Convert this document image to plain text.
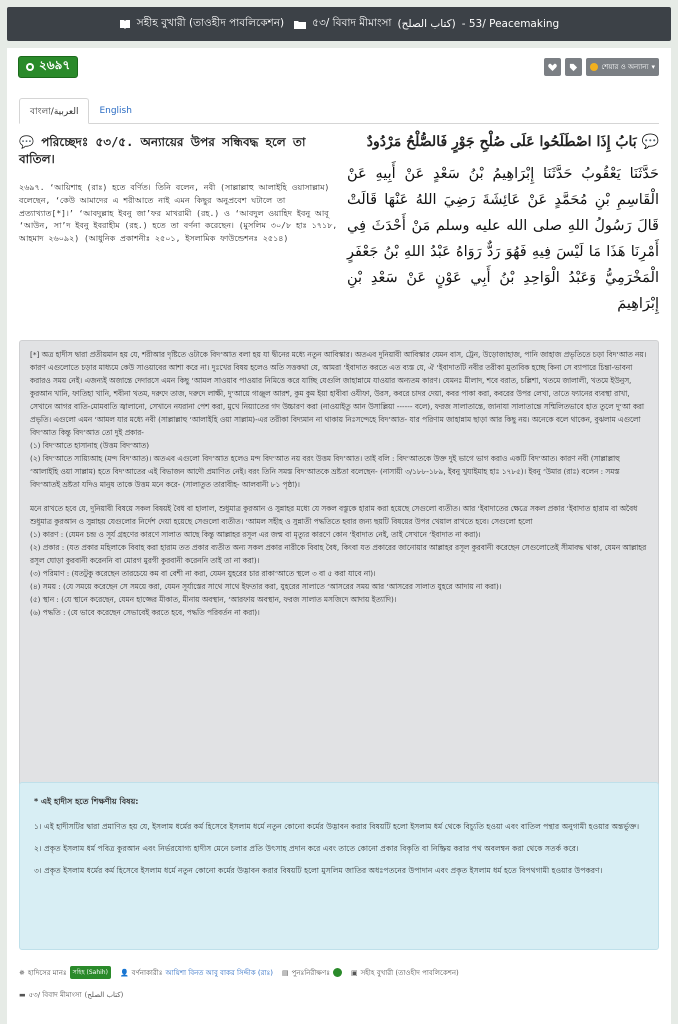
সহীহ বুখারী (তাওহীদ পাবলিকেশন)	৫৩/ বিবাদ মীমাংসা (كتاب الصلح) - 53/ Peacemaking
২৬৯৭	শেয়ার ও অন্যান্য ▾
বাংলা/العربية	English
💬 পরিচ্ছেদঃ ৫৩/৫. অন্যায়ের উপর সন্ধিবদ্ধ হলে তা বাতিল।
২৬৯৭. ‘আয়িশাহ (রাঃ) হতে বর্ণিত। তিনি বলেন, নবী (সাল্লাল্লাহু আলাইহি ওয়াসাল্লাম) বলেছেন, ‘কেউ আমাদের এ শরীআতে নাই এমন কিছুর অনুপ্রবেশ ঘটালে তা প্রত্যাখ্যাত[*]।’ ‘আবদুল্লাহ ইবনু জা’ফর মাখরামী (রহ.) ও ‘আবদুল ওয়াহিদ ইবনু আবূ ‘আউন, সা’দ ইবনু ইবরাহীম (রহ.) হতে তা বর্ণনা করেছেন। (মুসলিম ৩০/৮ হাঃ ১৭১৮, আহমাদ ২৬০৯২) (আধুনিক প্রকাশনীঃ ২৫০১, ইসলামিক ফাউন্ডেশনঃ ২৫১৪)
💬 بَابُ إِذَا اصْطَلَحُوا عَلَى صُلْحِ جَوْرٍ فَالصُّلْحُ مَرْدُودٌ
حَدَّثَنَا يَعْقُوبُ حَدَّثَنَا إِبْرَاهِيمُ بْنُ سَعْدٍ عَنْ أَبِيهِ عَنْ الْقَاسِمِ بْنِ مُحَمَّدٍ عَنْ عَائِشَةَ رَضِيَ اللهُ عَنْهَا قَالَتْ قَالَ رَسُولُ اللهِ صلى الله عليه وسلم مَنْ أَحْدَثَ فِي أَمْرِنَا هَذَا مَا لَيْسَ فِيهِ فَهُوَ رَدٌّ رَوَاهُ عَبْدُ اللهِ بْنُ جَعْفَرٍ الْمَخْرَمِيُّ وَعَبْدُ الْوَاحِدِ بْنُ أَبِي عَوْنٍ عَنْ سَعْدِ بْنِ إِبْرَاهِيمَ

[*] অত্র হাদীস দ্বারা প্রতীয়মান হয় যে, শরীআর দৃষ্টিতে ওটাকে বিদ‘আত বলা হয় যা দ্বীনের মধ্যে নতুন আবিস্কার। অতএব দুনিয়াবী আবিস্কার যেমন বাস, ট্রেন, উড়োজাহাজ, পানি জাহাজ প্রভৃতিতে চড়া বিদ‘আত নয়। কারণ এগুলোতে চড়ার মাধ্যমে কেউ সাওয়াবের আশা করে না। দুঃখের বিষয় হলেও অতি সত্তকথা যে, আমরা ‘ইবাদাত করতে এত ব্যস্ত যে, ঐ ‘ইবাদাতটি নবীর তরীকা মুতাবিক হচ্ছে কিনা সে ব্যাপারে চিন্তা-ভাবনা করারও সময় নেই। এজন্যই অজান্তে দেদারসে এমন কিছু ‘আমল সাওয়াব পাওয়ার নিমিত্তে করে যাচ্ছি যেগুলি জাহান্নামে যাওয়ার অন্যতম কারণ। যেমনঃ মীলাদ, শবে বরাত, চল্লিশা, খতমে জালালী, খতমে ইউনুস, কুরআন খানি, ফাতিহা খানি, শবীনা খতম, দরুদে তাজ, দরুদে লাক্ষী, দু‘আয়ে গাঞ্জুল আরশ, কুম কুম ইয়া হাবীবা ওযীফা, উরস, কবরে চাদর দেয়া, কবর পাকা করা, কবরের উপর লেখা, তাতে ফ্যানের ব্যবস্থা রাখা, সেখানে আগর বাতি-মোমবাতি জ্বালানো, সেখানে নযরানা পেশ করা, মুখে নিয়্যাতের গদ উচ্চারণ করা (নাওয়াইতু আন উসাল্লিয়া ------ বলে), ফরজ সালাতান্তে, জানাযা সালাতান্তে সম্মিলিতভাবে হাত তুলে দু‘আ করা প্রভৃতি। এগুলো এমন ‘আমল যার মধ্যে নবী (সাল্লাল্লাহু ‘আলাইহি ওয়া সাল্লাম)-এর তরীকা বিদ্যমান না থাকায় নিঃসন্দেহে বিদ‘আত- যার পরিণাম জাহান্নাম ছাড়া আর কিছু নয়। অনেকে বলে থাকেন, বুঝলাম এগুলো বিদ‘আত কিন্তু বিদ‘আত তো দুই প্রকার-

(১) বিদ‘আতে হাসানাহ (উত্তম বিদ‘আত)

(২) বিদ‘আতে সায়্যিআহ (মন্দ বিদ‘আত)। অতএব এগুলো বিদ‘আত হলেও মন্দ বিদ‘আত নয় বরং উত্তম বিদ‘আত। তাই বলি : বিদ‘আতকে উক্ত দুই ভাগে ভাগ করাও একটি বিদ‘আত। কারণ নবী (সাল্লাল্লাহু ‘আলাইহি ওয়া সাল্লাম) হতে বিদ‘আতের এই বিভাজন আদৌ প্রমাণিত নেই। বরং তিনি সমস্ত বিদ‘আতকে ভ্রষ্টতা বলেছেন- (নাসায়ী ৩/১৮৮-১৮৯, ইবনু খুযাইমাহ হাঃ ১৭৮৫)। ইবনু ‘উমার (রাঃ) বলেন : সমস্ত বিদ‘আতই ভ্রষ্টতা যদিও মানুষ তাকে উত্তম মনে করে- (সালাতুত তারাবীহ- আলবানী ৮১ পৃষ্ঠা)।

মনে রাখতে হবে যে, দুনিয়াবী বিষয়ে সকল বিষয়ই বৈধ বা হালাল, শুধুমাত্র কুরআন ও সুন্নাহর মধ্যে যে সকল বস্তুকে হারাম করা হয়েছে সেগুলো ব্যতীত। আর ‘ইবাদাতের ক্ষেত্রে সকল প্রকার ‘ইবাদাত হারাম বা অবৈধ শুধুমাত্র কুরআন ও সুন্নাহয় যেগুলোর নির্দেশ দেয়া হয়েছে সেগুলো ব্যতীত। ‘আমল সহীহ ও সুন্নাতী পদ্ধতিতে হবার জন্য ছয়টি বিষয়ের উপর খেয়াল রাখতে হবে। সেগুলো হলো

(১) কারণ : (যেমন চন্দ্র ও সূর্য গ্রহণের কারণে সালাত আছে কিন্তু আল্লাহর রসূল এর জন্ম বা মৃত্যুর কারণে কোন ‘ইবাদাত নেই, তাই সেখানে ‘ইবাদাত না করা)।

(২) প্রকার : (যত প্রকার মহিলাকে বিবাহ করা হারাম তত প্রকার ব্যতীত অন্য সকল প্রকার নারীকে বিবাহ বৈধ, কিংবা যত প্রকারের জানোয়ার আল্লাহর রসূল কুরবানী করেছেন সেগুলোতেই সীমাবদ্ধ থাকা, যেমন আল্লাহর রসূল ঘোড়া কুরবানী করেননি বা মোরগ মুরগী কুরবানী করেননি তাই তা না করা)।

(৩) পরিমাণ : (যতটুকু করেছেন তারচেয়ে কম বা বেশী না করা, যেমন যুহরের চার রাকা‘আতে স্থলে ৩ বা ৫ করা যাবে না)।

(৪) সময় : (যে সময়ে করেছেন সে সময়ে করা, যেমন সূর্যাস্তের সাথে সাথে ইফতার করা, যুহরের সালাতে ‘আসরের সময় আর ‘আসরের সালাত যুহরে আদায় না করা)।

(৫) স্থান : (যে স্থানে করেছেন, যেমন হাজ্জের মীকাত, মীনায় অবস্থান, ‘আরফায় অবস্থান, ফরজ সালাত মসজিদে আদায় ইত্যাদি)।

(৬) পদ্ধতি : (যে ভাবে করেছেন সেভাবেই করতে হবে, পদ্ধতি পরিবর্তন না করা)।

* এই হাদীস হতে শিক্ষণীয় বিষয়:

১। এই হাদীসটির দ্বারা প্রমাণিত হয় যে, ইসলাম ধর্মের কর্ম হিসেবে ইসলাম ধর্মে নতুন কোনো কর্মের উদ্ভাবন করার বিষয়টি হলো ইসলাম ধর্ম থেকে বিচ্যুতি হওয়া এবং বাতিল পন্থার অনুগামী হওয়ার অন্তর্ভুক্ত।

২। প্রকৃত ইসলাম ধর্ম পবিত্র কুরআন এবং নির্ভরযোগ্য হাদীস মেনে চলার প্রতি উৎসাহ প্রদান করে এবং তাতে কোনো প্রকার বিকৃতি বা নিষ্ক্রিয় করার পথ অবলম্বন করা থেকে সতর্ক করে।

৩। প্রকৃত ইসলাম ধর্মের কর্ম হিসেবে ইসলাম ধর্মে নতুন কোনো কর্মের উদ্ভাবন করার বিষয়টি হলো মুসলিম জাতির অধঃপতনের উপাদান এবং প্রকৃত ইসলাম ধর্ম হতে বিপথগামী হওয়ার উপকরণ।

✵ হাদিসের মানঃ	সহিহ (Sahih)	👤 বর্ণনাকারীঃ আয়িশা বিনত আবু বাকর সিদ্দীক (রাঃ) ▤ পুনঃনিরীক্ষণঃ	▣ সহীহ বুখারী (তাওহীদ পাবলিকেশন)
▬ ৫৩/ বিবাদ মীমাংসা (كتاب الصلح)
